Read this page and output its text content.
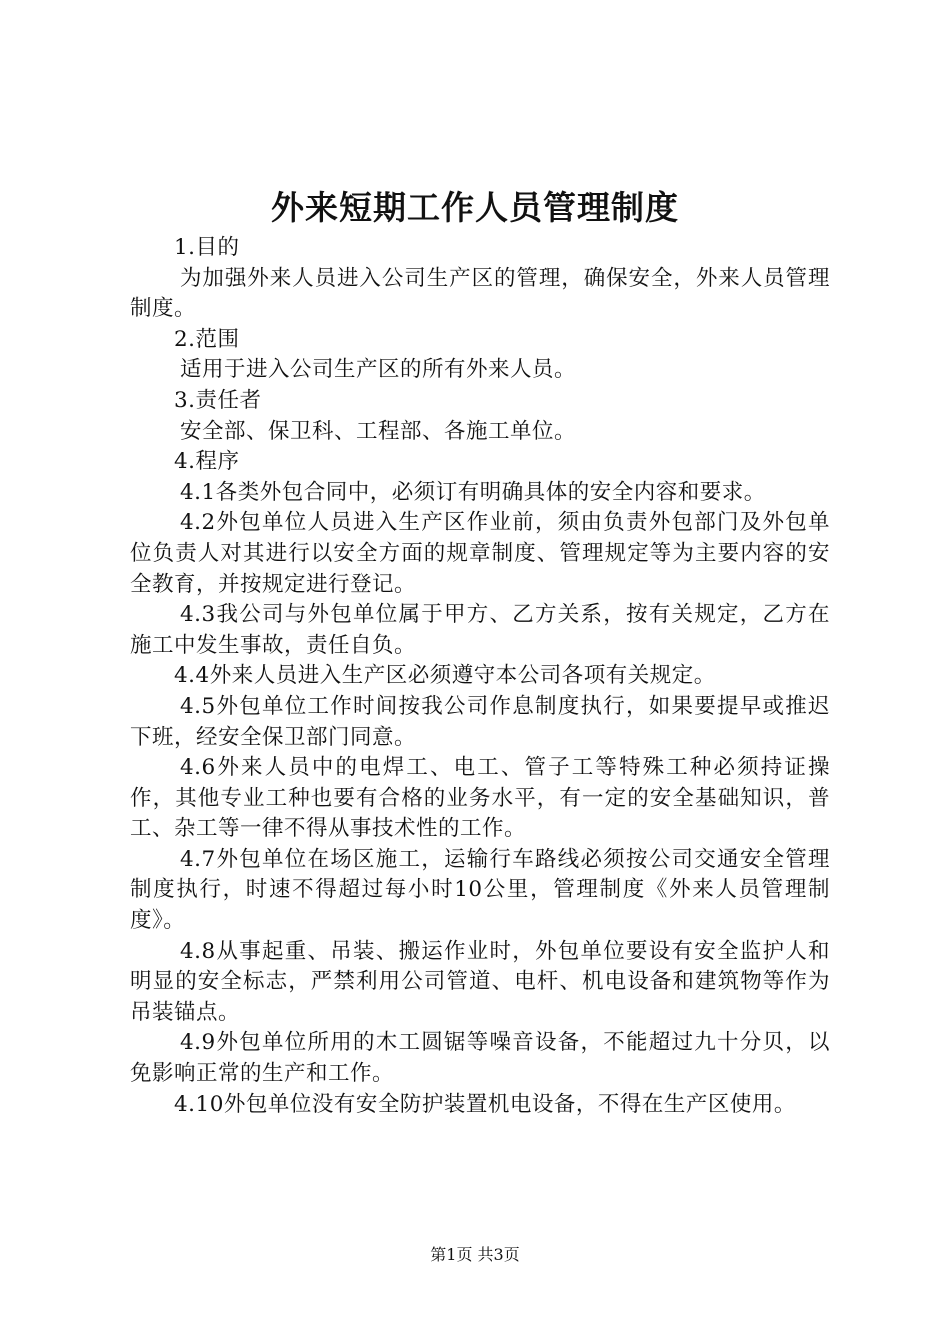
外来短期工作人员管理制度

1.目的

为加强外来人员进入公司生产区的管理，确保安全，外来人员管理制度。

2.范围

适用于进入公司生产区的所有外来人员。

3.责任者

安全部、保卫科、工程部、各施工单位。

4.程序

4.1各类外包合同中，必须订有明确具体的安全内容和要求。

4.2外包单位人员进入生产区作业前，须由负责外包部门及外包单位负责人对其进行以安全方面的规章制度、管理规定等为主要内容的安全教育，并按规定进行登记。

4.3我公司与外包单位属于甲方、乙方关系，按有关规定，乙方在施工中发生事故，责任自负。

4.4外来人员进入生产区必须遵守本公司各项有关规定。

4.5外包单位工作时间按我公司作息制度执行，如果要提早或推迟下班，经安全保卫部门同意。

4.6外来人员中的电焊工、电工、管子工等特殊工种必须持证操作，其他专业工种也要有合格的业务水平，有一定的安全基础知识，普工、杂工等一律不得从事技术性的工作。

4.7外包单位在场区施工，运输行车路线必须按公司交通安全管理制度执行，时速不得超过每小时10公里，管理制度《外来人员管理制度》。

4.8从事起重、吊装、搬运作业时，外包单位要设有安全监护人和明显的安全标志，严禁利用公司管道、电杆、机电设备和建筑物等作为吊装锚点。

4.9外包单位所用的木工圆锯等噪音设备，不能超过九十分贝，以免影响正常的生产和工作。

4.10外包单位没有安全防护装置机电设备，不得在生产区使用。

第1页 共3页
